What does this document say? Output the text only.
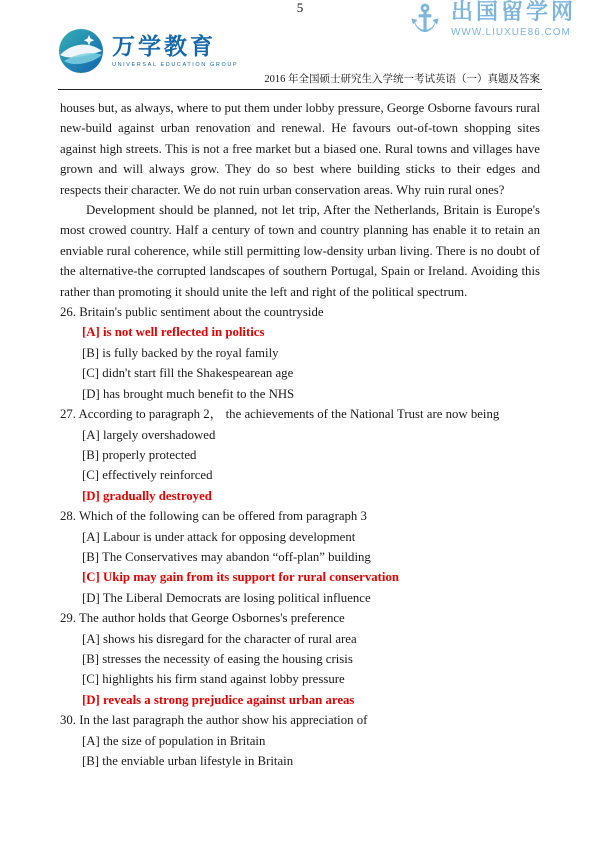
万学教育
UNIVERSAL EDUCATION GROUP
2016 年全国硕士研究生入学统一考试英语（一）真题及答案

houses but, as always, where to put them under lobby pressure, George Osborne favours rural new-build against urban renovation and renewal. He favours out-of-town shopping sites against high streets. This is not a free market but a biased one. Rural towns and villages have grown and will always grow. They do so best where building sticks to their edges and respects their character. We do not ruin urban conservation areas. Why ruin rural ones?

Development should be planned, not let trip, After the Netherlands, Britain is Europe's most crowed country. Half a century of town and country planning has enable it to retain an enviable rural coherence, while still permitting low-density urban living. There is no doubt of the alternative-the corrupted landscapes of southern Portugal, Spain or Ireland. Avoiding this rather than promoting it should unite the left and right of the political spectrum.

26. Britain's public sentiment about the countryside
[A] is not well reflected in politics
[B] is fully backed by the royal family
[C] didn't start fill the Shakespearean age
[D] has brought much benefit to the NHS
27. According to paragraph 2， the achievements of the National Trust are now being
[A] largely overshadowed
[B] properly protected
[C] effectively reinforced
[D] gradually destroyed
28. Which of the following can be offered from paragraph 3
[A] Labour is under attack for opposing development
[B] The Conservatives may abandon “off-plan” building
[C] Ukip may gain from its support for rural conservation
[D] The Liberal Democrats are losing political influence
29. The author holds that George Osbornes's preference
[A] shows his disregard for the character of rural area
[B] stresses the necessity of easing the housing crisis
[C] highlights his firm stand against lobby pressure
[D] reveals a strong prejudice against urban areas
30. In the last paragraph the author show his appreciation of
[A] the size of population in Britain
[B] the enviable urban lifestyle in Britain
5	出国留学网
WWW.LIUXUE86.COM
